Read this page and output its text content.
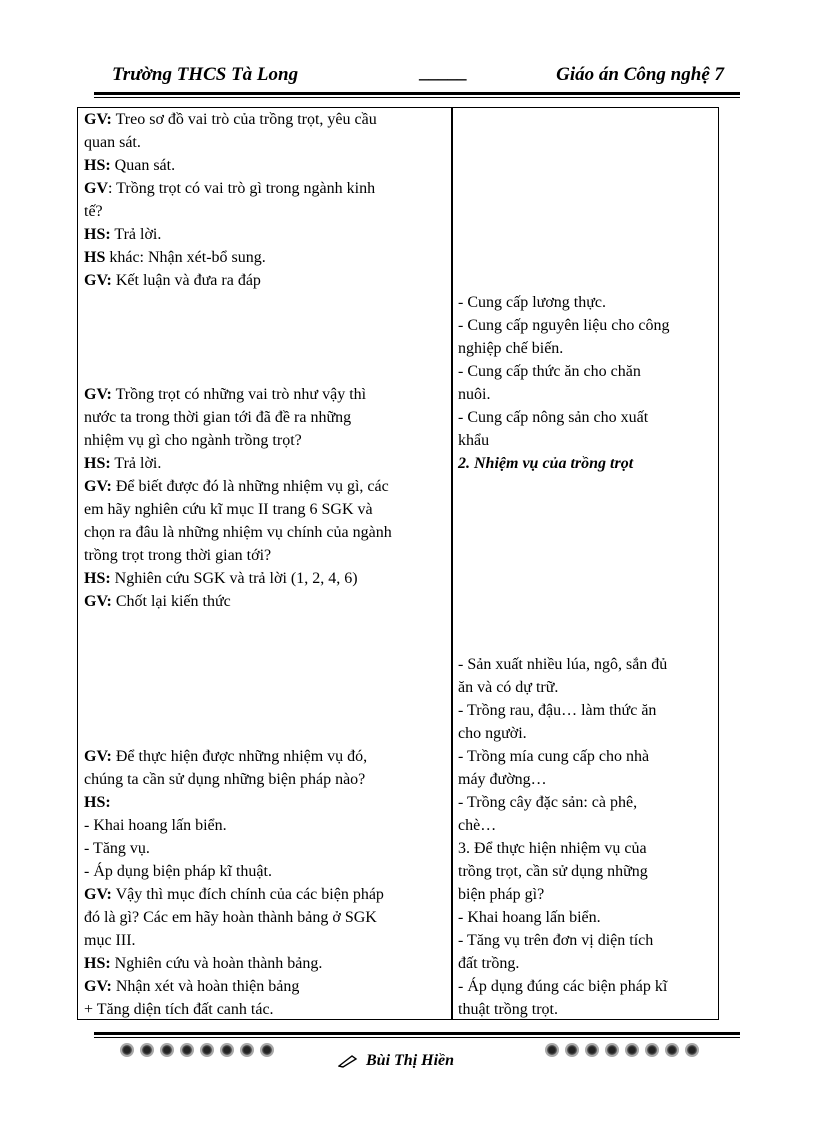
Trường THCS Tà Long	_____	Giáo án Công nghệ 7
GV: Treo sơ đồ vai trò của trồng trọt, yêu cầu
quan sát.
HS: Quan sát.
GV: Trồng trọt có vai trò gì trong ngành kinh
tế?
HS: Trả lời.
HS khác: Nhận xét-bổ sung.
GV: Kết luận và đưa ra đáp
GV: Trồng trọt có những vai trò như vậy thì
nước ta trong thời gian tới đã đề ra những
nhiệm vụ gì cho ngành trồng trọt?
HS: Trả lời.
GV: Để biết được đó là những nhiệm vụ gì, các
em hãy nghiên cứu kĩ mục II trang 6 SGK và
chọn ra đâu là những nhiệm vụ chính của ngành
trồng trọt trong thời gian tới?
HS: Nghiên cứu SGK và trả lời (1, 2, 4, 6)
GV: Chốt lại kiến thức
GV: Để thực hiện được những nhiệm vụ đó,
chúng ta cần sử dụng những biện pháp nào?
HS:
- Khai hoang lấn biển.
- Tăng vụ.
- Áp dụng biện pháp kĩ thuật.
GV: Vậy thì mục đích chính của các biện pháp
đó là gì? Các em hãy hoàn thành bảng ở SGK
mục III.
HS: Nghiên cứu và hoàn thành bảng.
GV: Nhận xét và hoàn thiện bảng
+ Tăng diện tích đất canh tác.
- Cung cấp lương thực.
- Cung cấp nguyên liệu cho công
nghiệp chế biến.
- Cung cấp thức ăn cho chăn
nuôi.
- Cung cấp nông sản cho xuất
khẩu
2. Nhiệm vụ của trồng trọt
- Sản xuất nhiều lúa, ngô, sắn đủ
ăn và có dự trữ.
- Trồng rau, đậu… làm thức ăn
cho người.
- Trồng mía cung cấp cho nhà
máy đường…
- Trồng cây đặc sản: cà phê,
chè…
3. Để thực hiện nhiệm vụ của
trồng trọt, cần sử dụng những
biện pháp gì?
- Khai hoang lấn biển.
- Tăng vụ trên đơn vị diện tích
đất trồng.
- Áp dụng đúng các biện pháp kĩ
thuật trồng trọt.
Bùi Thị Hiền
